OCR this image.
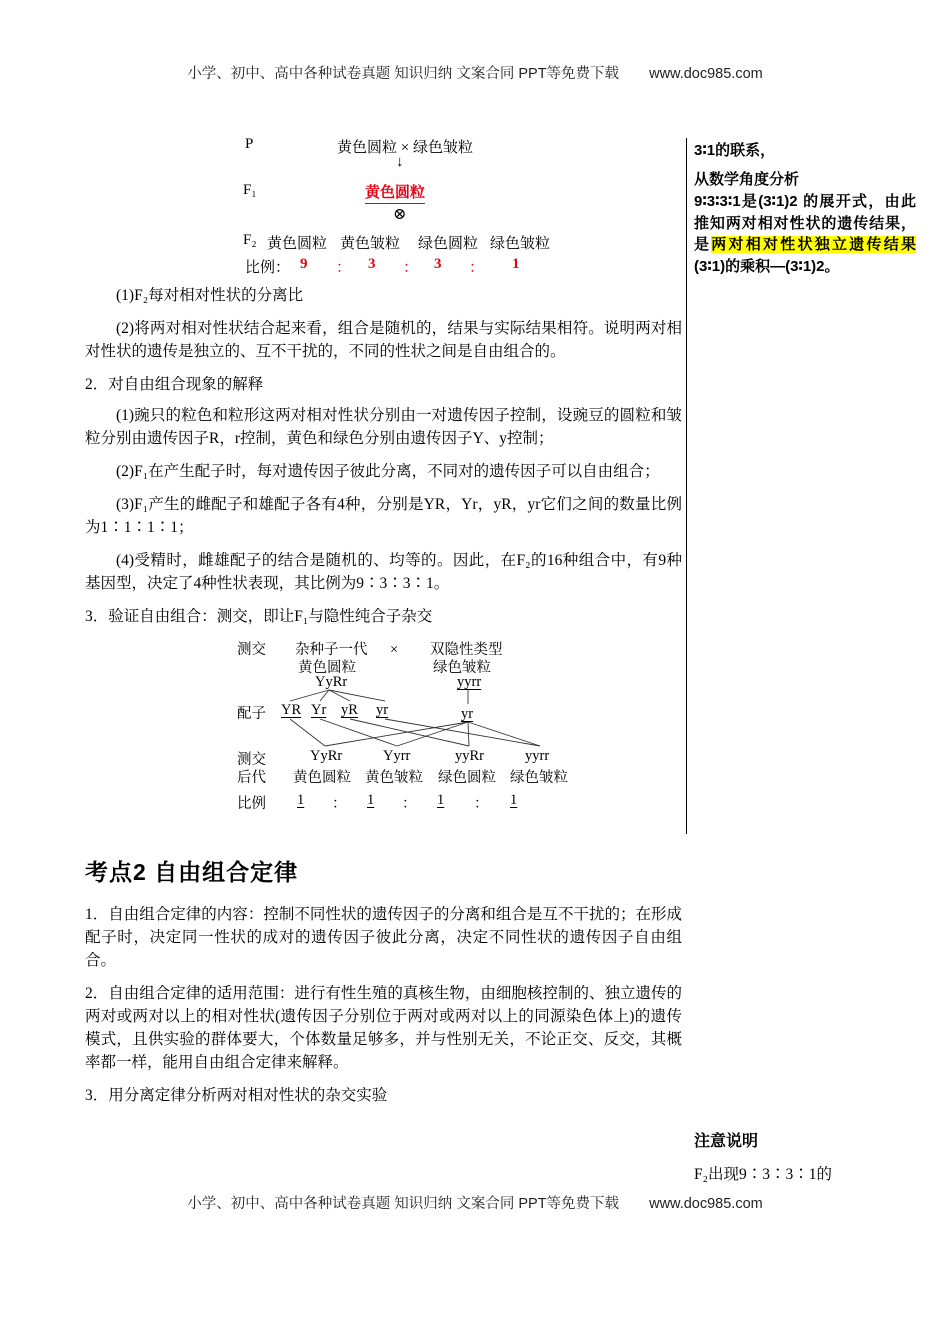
小学、初中、高中各种试卷真题 知识归纳 文案合同 PPT等免费下载 www.doc985.com
P	黄色圆粒 × 绿色皱粒
↓
F₁	黄色圆粒
⊗
F₂ 黄色圆粒 黄色皱粒 绿色圆粒 绿色皱粒
比例： 9 ： 3 ： 3 ： 1

(1)F₂每对相对性状的分离比

(2)将两对相对性状结合起来看，组合是随机的，结果与实际结果相符。说明两对相对性状的遗传是独立的、互不干扰的，不同的性状之间是自由组合的。

2．对自由组合现象的解释

(1)豌只的粒色和粒形这两对相对性状分别由一对遗传因子控制，设豌豆的圆粒和皱粒分别由遗传因子R，r控制，黄色和绿色分别由遗传因子Y、y控制；

(2)F₁在产生配子时，每对遗传因子彼此分离，不同对的遗传因子可以自由组合；

(3)F₁产生的雌配子和雄配子各有4种，分别是YR，Yr，yR，yr它们之间的数量比例为1∶1∶1∶1；

(4)受精时，雌雄配子的结合是随机的、均等的。因此，在F₂的16种组合中，有9种基因型，决定了4种性状表现，其比例为9∶3∶3∶1。

3．验证自由组合：测交，即让F₁与隐性纯合子杂交

测交 杂种子一代
黄色圆粒
YyRr
× 双隐性类型
绿色皱粒
yyrr
配子 YR Yr yR yr	yr
测交
后代
YyRr	Yyrr	yyRr	yyrr
黄色圆粒 黄色皱粒 绿色圆粒 绿色皱粒
比例 1 ： 1 ： 1 ： 1
考点2 自由组合定律

1．自由组合定律的内容：控制不同性状的遗传因子的分离和组合是互不干扰的；在形成配子时，决定同一性状的成对的遗传因子彼此分离，决定不同性状的遗传因子自由组合。

2．自由组合定律的适用范围：进行有性生殖的真核生物，由细胞核控制的、独立遗传的两对或两对以上的相对性状(遗传因子分别位于两对或两对以上的同源染色体上)的遗传模式，且供实验的群体要大，个体数量足够多，并与性别无关，不论正交、反交，其概率都一样，能用自由组合定律来解释。

3．用分离定律分析两对相对性状的杂交实验

3∶1的联系，
从数学角度分析
9∶3∶3∶1是(3∶1)2 的展开式，由此推知两对相对性状的遗传结果，是两对相对性状独立遗传结果(3∶1)的乘积—(3∶1)2。
注意说明
F₂出现9∶3∶3∶1的
小学、初中、高中各种试卷真题 知识归纳 文案合同 PPT等免费下载 www.doc985.com
